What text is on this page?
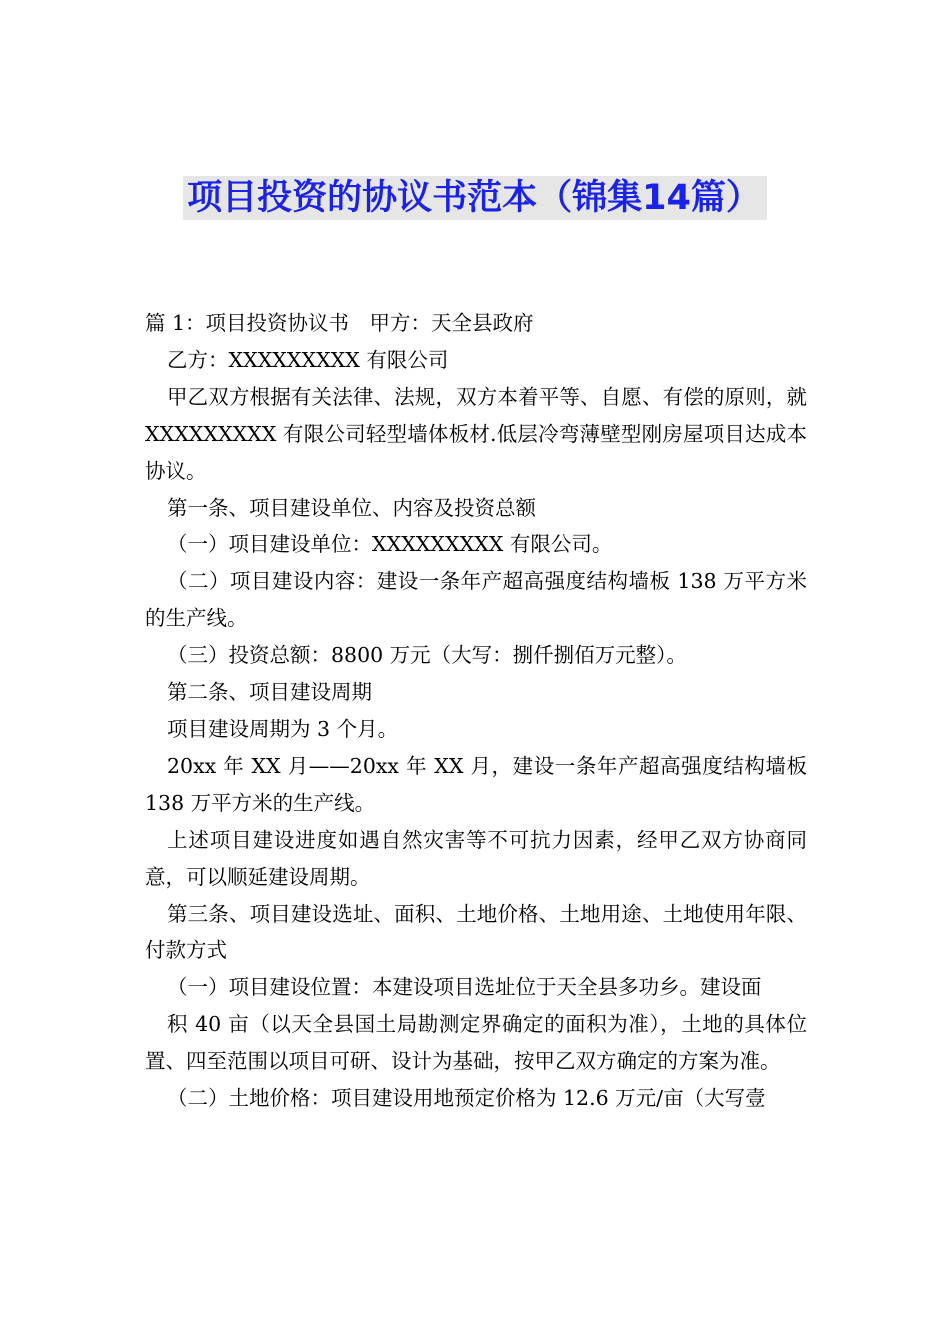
项目投资的协议书范本（锦集14篇）

篇 1：项目投资协议书　甲方：天全县政府

乙方：XXXXXXXXX 有限公司

甲乙双方根据有关法律、法规，双方本着平等、自愿、有偿的原则，就 XXXXXXXXX 有限公司轻型墙体板材.低层冷弯薄壁型刚房屋项目达成本协议。

第一条、项目建设单位、内容及投资总额

（一）项目建设单位：XXXXXXXXX 有限公司。

（二）项目建设内容：建设一条年产超高强度结构墙板 138 万平方米的生产线。

（三）投资总额：8800 万元（大写：捌仟捌佰万元整）。

第二条、项目建设周期

项目建设周期为 3 个月。

20xx 年 XX 月——20xx 年 XX 月，建设一条年产超高强度结构墙板 138 万平方米的生产线。

上述项目建设进度如遇自然灾害等不可抗力因素，经甲乙双方协商同意，可以顺延建设周期。

第三条、项目建设选址、面积、土地价格、土地用途、土地使用年限、付款方式

（一）项目建设位置：本建设项目选址位于天全县多功乡。建设面

积 40 亩（以天全县国土局勘测定界确定的面积为准），土地的具体位置、四至范围以项目可研、设计为基础，按甲乙双方确定的方案为准。

（二）土地价格：项目建设用地预定价格为 12.6 万元/亩（大写壹
